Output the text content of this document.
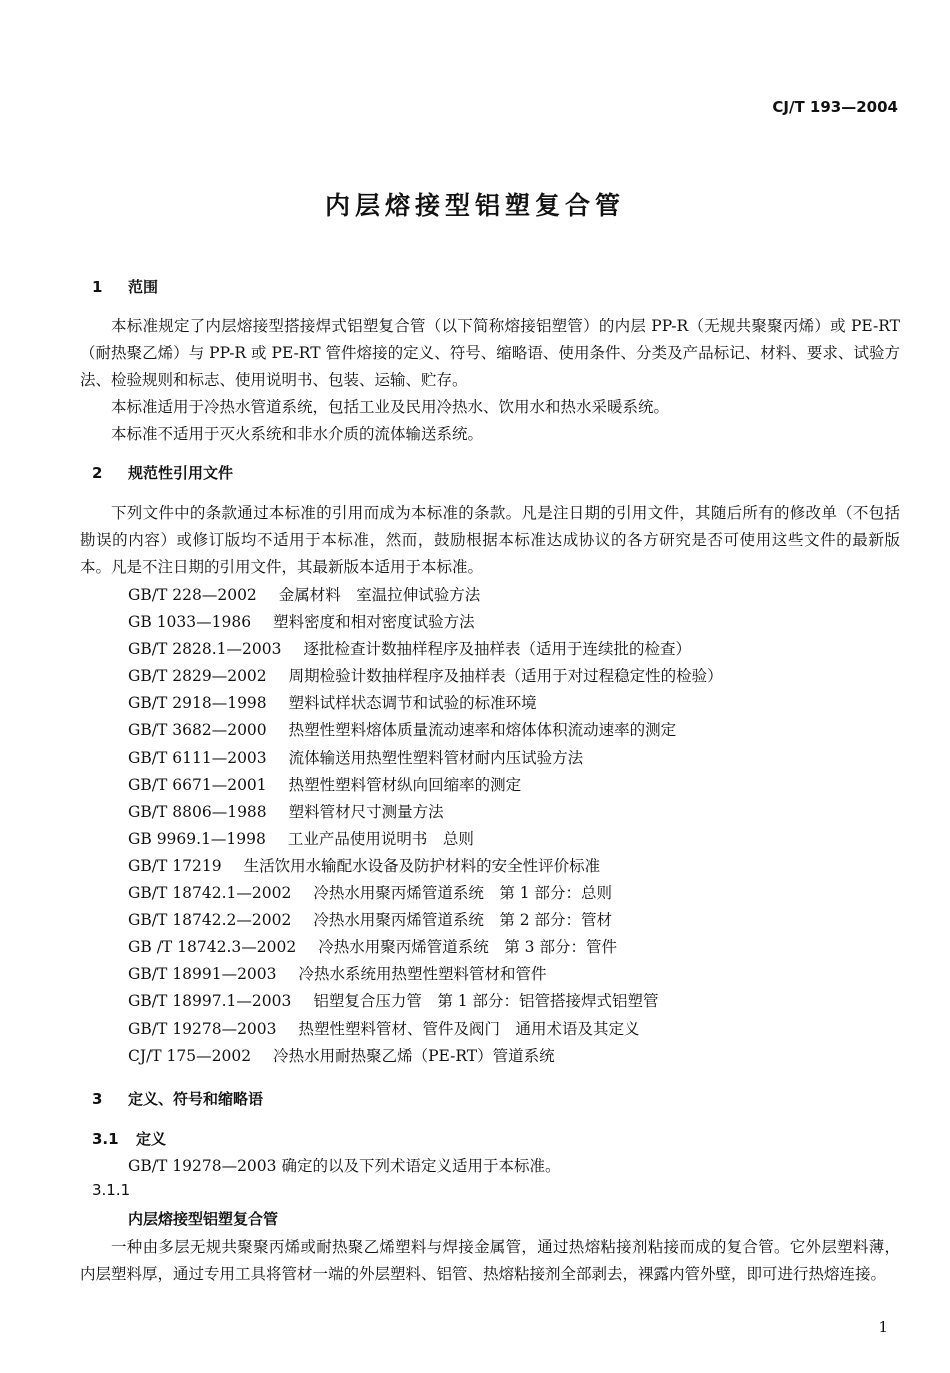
CJ/T 193—2004
内层熔接型铝塑复合管
1 范围
本标准规定了内层熔接型搭接焊式铝塑复合管（以下简称熔接铝塑管）的内层 PP-R（无规共聚聚丙烯）或 PE-RT（耐热聚乙烯）与 PP-R 或 PE-RT 管件熔接的定义、符号、缩略语、使用条件、分类及产品标记、材料、要求、试验方法、检验规则和标志、使用说明书、包装、运输、贮存。
本标准适用于冷热水管道系统，包括工业及民用冷热水、饮用水和热水采暖系统。
本标准不适用于灭火系统和非水介质的流体输送系统。
2 规范性引用文件
下列文件中的条款通过本标准的引用而成为本标准的条款。凡是注日期的引用文件，其随后所有的修改单（不包括勘误的内容）或修订版均不适用于本标准，然而，鼓励根据本标准达成协议的各方研究是否可使用这些文件的最新版本。凡是不注日期的引用文件，其最新版本适用于本标准。
GB/T 228—2002 金属材料　室温拉伸试验方法
GB 1033—1986 塑料密度和相对密度试验方法
GB/T 2828.1—2003 逐批检查计数抽样程序及抽样表（适用于连续批的检查）
GB/T 2829—2002 周期检验计数抽样程序及抽样表（适用于对过程稳定性的检验）
GB/T 2918—1998 塑料试样状态调节和试验的标准环境
GB/T 3682—2000 热塑性塑料熔体质量流动速率和熔体体积流动速率的测定
GB/T 6111—2003 流体输送用热塑性塑料管材耐内压试验方法
GB/T 6671—2001 热塑性塑料管材纵向回缩率的测定
GB/T 8806—1988 塑料管材尺寸测量方法
GB 9969.1—1998 工业产品使用说明书　总则
GB/T 17219 生活饮用水输配水设备及防护材料的安全性评价标准
GB/T 18742.1—2002 冷热水用聚丙烯管道系统　第 1 部分：总则
GB/T 18742.2—2002 冷热水用聚丙烯管道系统　第 2 部分：管材
GB /T 18742.3—2002 冷热水用聚丙烯管道系统　第 3 部分：管件
GB/T 18991—2003 冷热水系统用热塑性塑料管材和管件
GB/T 18997.1—2003 铝塑复合压力管　第 1 部分：铝管搭接焊式铝塑管
GB/T 19278—2003 热塑性塑料管材、管件及阀门　通用术语及其定义
CJ/T 175—2002 冷热水用耐热聚乙烯（PE-RT）管道系统
3 定义、符号和缩略语
3.1 定义
GB/T 19278—2003 确定的以及下列术语定义适用于本标准。
3.1.1
内层熔接型铝塑复合管
一种由多层无规共聚聚丙烯或耐热聚乙烯塑料与焊接金属管，通过热熔粘接剂粘接而成的复合管。它外层塑料薄，内层塑料厚，通过专用工具将管材一端的外层塑料、铝管、热熔粘接剂全部剥去，裸露内管外壁，即可进行热熔连接。
1
